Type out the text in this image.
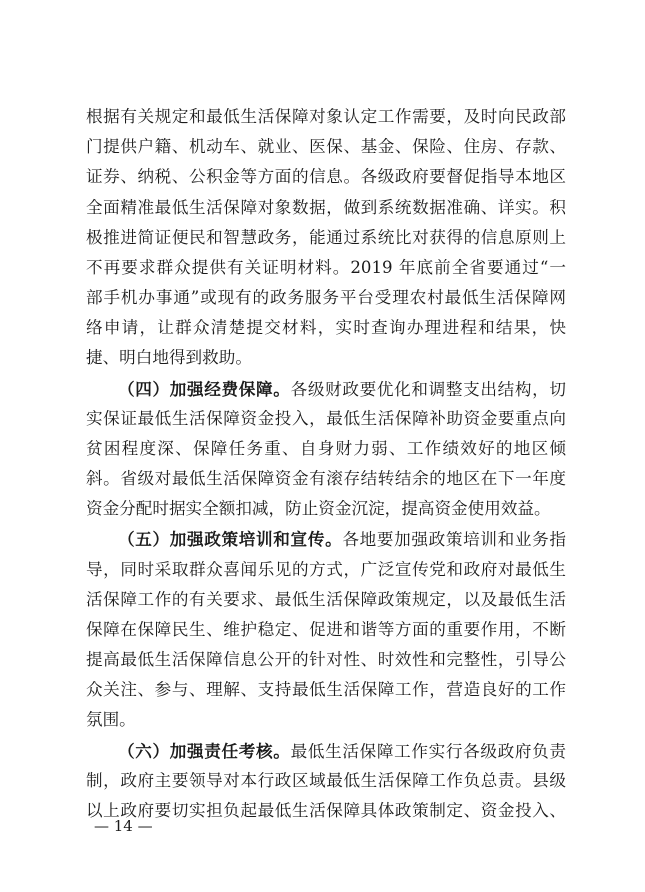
根据有关规定和最低生活保障对象认定工作需要，及时向民政部
门提供户籍、机动车、就业、医保、基金、保险、住房、存款、
证券、纳税、公积金等方面的信息。各级政府要督促指导本地区
全面精准最低生活保障对象数据，做到系统数据准确、详实。积
极推进简证便民和智慧政务，能通过系统比对获得的信息原则上
不再要求群众提供有关证明材料。2019 年底前全省要通过“一
部手机办事通”或现有的政务服务平台受理农村最低生活保障网
络申请，让群众清楚提交材料，实时查询办理进程和结果，快
捷、明白地得到救助。
（四）加强经费保障。各级财政要优化和调整支出结构，切
实保证最低生活保障资金投入，最低生活保障补助资金要重点向
贫困程度深、保障任务重、自身财力弱、工作绩效好的地区倾
斜。省级对最低生活保障资金有滚存结转结余的地区在下一年度
资金分配时据实全额扣减，防止资金沉淀，提高资金使用效益。
（五）加强政策培训和宣传。各地要加强政策培训和业务指
导，同时采取群众喜闻乐见的方式，广泛宣传党和政府对最低生
活保障工作的有关要求、最低生活保障政策规定，以及最低生活
保障在保障民生、维护稳定、促进和谐等方面的重要作用，不断
提高最低生活保障信息公开的针对性、时效性和完整性，引导公
众关注、参与、理解、支持最低生活保障工作，营造良好的工作
氛围。
（六）加强责任考核。最低生活保障工作实行各级政府负责
制，政府主要领导对本行政区域最低生活保障工作负总责。县级
以上政府要切实担负起最低生活保障具体政策制定、资金投入、
— 14 —
